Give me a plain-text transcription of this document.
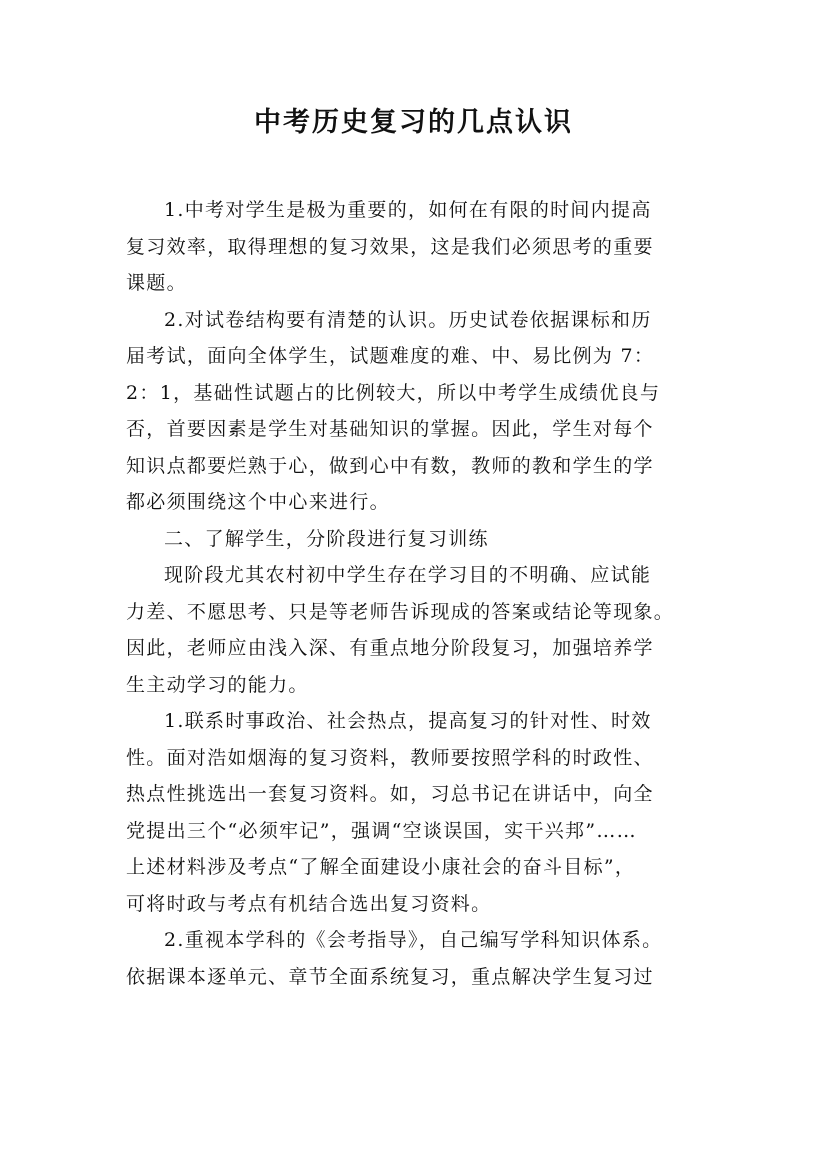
中考历史复习的几点认识
1.中考对学生是极为重要的，如何在有限的时间内提高
复习效率，取得理想的复习效果，这是我们必须思考的重要
课题。
2.对试卷结构要有清楚的认识。历史试卷依据课标和历
届考试，面向全体学生，试题难度的难、中、易比例为 7：
2：1，基础性试题占的比例较大，所以中考学生成绩优良与
否，首要因素是学生对基础知识的掌握。因此，学生对每个
知识点都要烂熟于心，做到心中有数，教师的教和学生的学
都必须围绕这个中心来进行。
二、了解学生，分阶段进行复习训练
现阶段尤其农村初中学生存在学习目的不明确、应试能
力差、不愿思考、只是等老师告诉现成的答案或结论等现象。
因此，老师应由浅入深、有重点地分阶段复习，加强培养学
生主动学习的能力。
1.联系时事政治、社会热点，提高复习的针对性、时效
性。面对浩如烟海的复习资料，教师要按照学科的时政性、
热点性挑选出一套复习资料。如，习总书记在讲话中，向全
党提出三个“必须牢记”，强调“空谈误国，实干兴邦”……
上述材料涉及考点“了解全面建设小康社会的奋斗目标”，
可将时政与考点有机结合选出复习资料。
2.重视本学科的《会考指导》，自己编写学科知识体系。
依据课本逐单元、章节全面系统复习，重点解决学生复习过
